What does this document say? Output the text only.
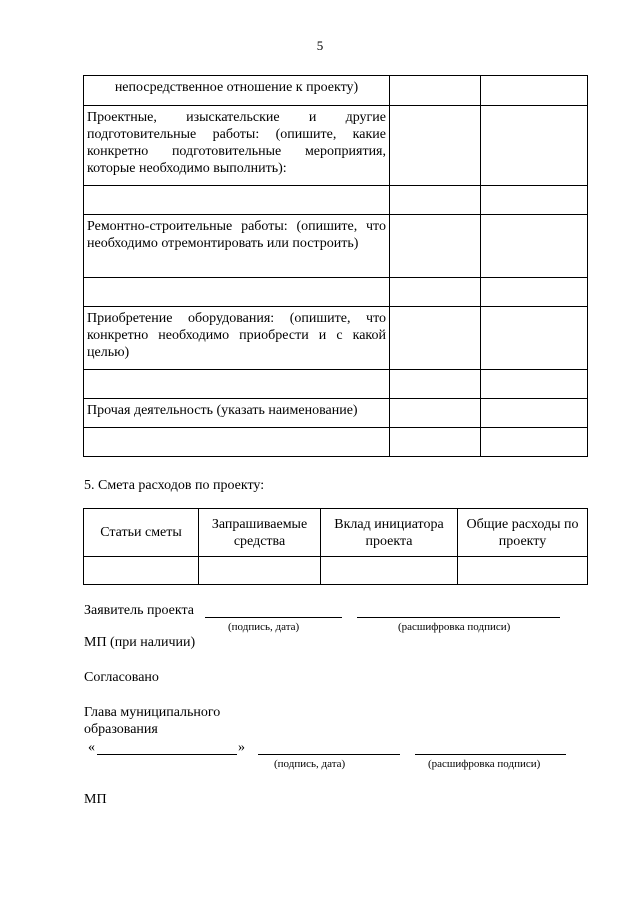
5
непосредственное отношение к проекту)		
Проектные, изыскательские и другие подготовительные работы: (опишите, какие конкретно подготовительные мероприятия, которые необходимо выполнить):		

Ремонтно-строительные работы: (опишите, что необходимо отремонтировать или построить)		

Приобретение оборудования: (опишите, что конкретно необходимо приобрести и с какой целью)		

Прочая деятельность (указать наименование)		

5. Смета расходов по проекту:
Статьи сметы	Запрашиваемые средства	Вклад инициатора проекта	Общие расходы по проекту

Заявитель проекта
(подпись, дата)	(расшифровка подписи)
МП (при наличии)
Согласовано
Глава муниципального
образования
«	»
(подпись, дата)	(расшифровка подписи)
МП
